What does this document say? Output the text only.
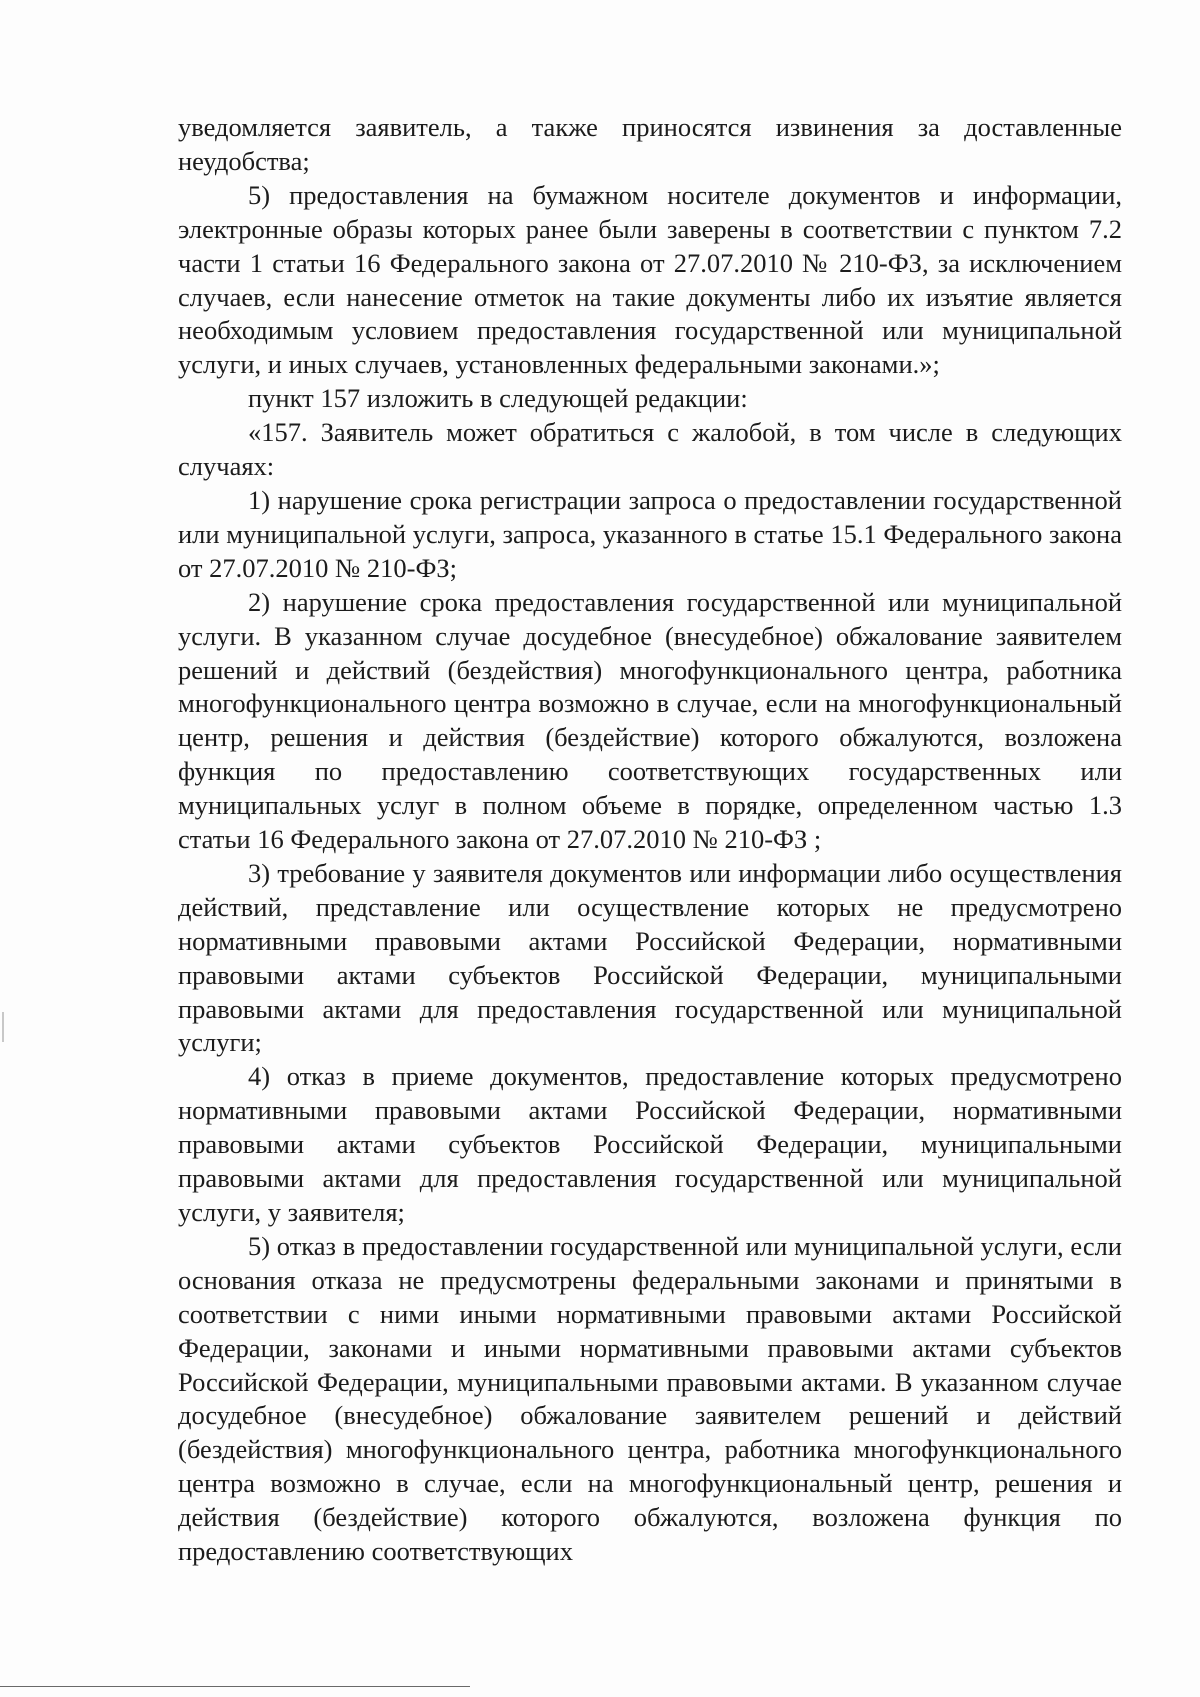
уведомляется заявитель, а также приносятся извинения за доставленные неудобства;

5) предоставления на бумажном носителе документов и информации, электронные образы которых ранее были заверены в соответствии с пунктом 7.2 части 1 статьи 16 Федерального закона от 27.07.2010 № 210-ФЗ, за исключением случаев, если нанесение отметок на такие документы либо их изъятие является необходимым условием предоставления государственной или муниципальной услуги, и иных случаев, установленных федеральными законами.»;

пункт 157 изложить в следующей редакции:

«157. Заявитель может обратиться с жалобой, в том числе в следующих случаях:

1) нарушение срока регистрации запроса о предоставлении государственной или муниципальной услуги, запроса, указанного в статье 15.1 Федерального закона от 27.07.2010 № 210-ФЗ;

2) нарушение срока предоставления государственной или муниципальной услуги. В указанном случае досудебное (внесудебное) обжалование заявителем решений и действий (бездействия) многофункционального центра, работника многофункционального центра возможно в случае, если на многофункциональный центр, решения и действия (бездействие) которого обжалуются, возложена функция по предоставлению соответствующих государственных или муниципальных услуг в полном объеме в порядке, определенном частью 1.3 статьи 16 Федерального закона от 27.07.2010 № 210-ФЗ ;

3) требование у заявителя документов или информации либо осуществления действий, представление или осуществление которых не предусмотрено нормативными правовыми актами Российской Федерации, нормативными правовыми актами субъектов Российской Федерации, муниципальными правовыми актами для предоставления государственной или муниципальной услуги;

4) отказ в приеме документов, предоставление которых предусмотрено нормативными правовыми актами Российской Федерации, нормативными правовыми актами субъектов Российской Федерации, муниципальными правовыми актами для предоставления государственной или муниципальной услуги, у заявителя;

5) отказ в предоставлении государственной или муниципальной услуги, если основания отказа не предусмотрены федеральными законами и принятыми в соответствии с ними иными нормативными правовыми актами Российской Федерации, законами и иными нормативными правовыми актами субъектов Российской Федерации, муниципальными правовыми актами. В указанном случае досудебное (внесудебное) обжалование заявителем решений и действий (бездействия) многофункционального центра, работника многофункционального центра возможно в случае, если на многофункциональный центр, решения и действия (бездействие) которого обжалуются, возложена функция по предоставлению соответствующих
